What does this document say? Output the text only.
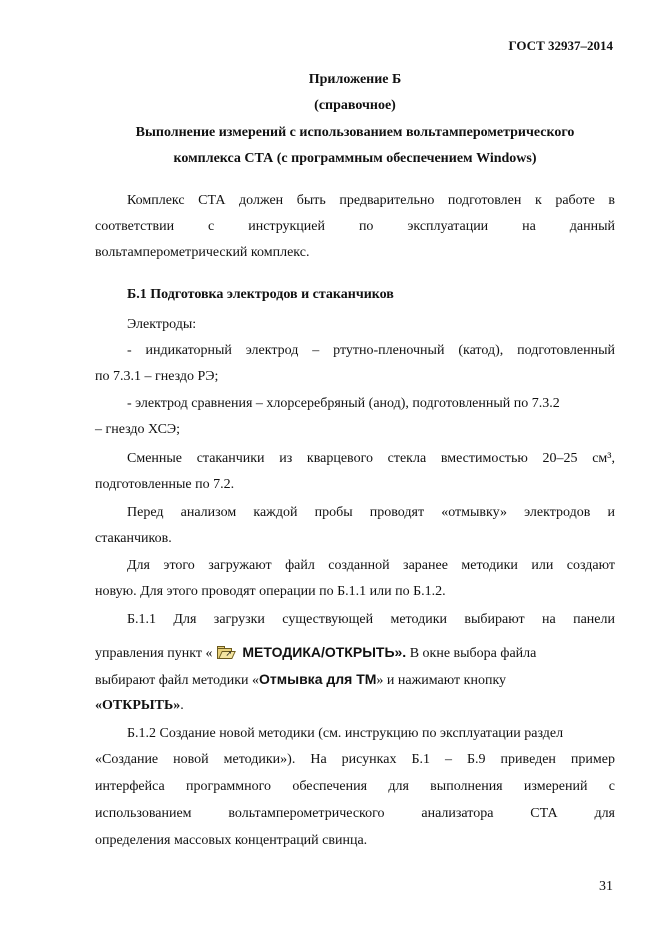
ГОСТ 32937–2014
Приложение Б
(справочное)
Выполнение измерений с использованием вольтамперометрического
комплекса СТА (с программным обеспечением Windows)
Комплекс СТА должен быть предварительно подготовлен к работе в
соответствии с инструкцией по эксплуатации на данный
вольтамперометрический комплекс.
Б.1 Подготовка электродов и стаканчиков
Электроды:
- индикаторный электрод – ртутно-пленочный (катод), подготовленный
по 7.3.1 – гнездо РЭ;
- электрод сравнения – хлорсеребряный (анод), подготовленный по 7.3.2
– гнездо ХСЭ;
Сменные стаканчики из кварцевого стекла вместимостью 20–25 см³,
подготовленные по 7.2.
Перед анализом каждой пробы проводят «отмывку» электродов и
стаканчиков.
Для этого загружают файл созданной заранее методики или создают
новую. Для этого проводят операции по Б.1.1 или по Б.1.2.
Б.1.1 Для загрузки существующей методики выбирают на панели
управления пункт « ➚ МЕТОДИКА/ОТКРЫТЬ». В окне выбора файла
выбирают файл методики «Отмывка для ТМ» и нажимают кнопку
«ОТКРЫТЬ».
Б.1.2 Создание новой методики (см. инструкцию по эксплуатации раздел
«Создание новой методики»). На рисунках Б.1 – Б.9 приведен пример
интерфейса программного обеспечения для выполнения измерений с
использованием вольтамперометрического анализатора СТА для
определения массовых концентраций свинца.
31
